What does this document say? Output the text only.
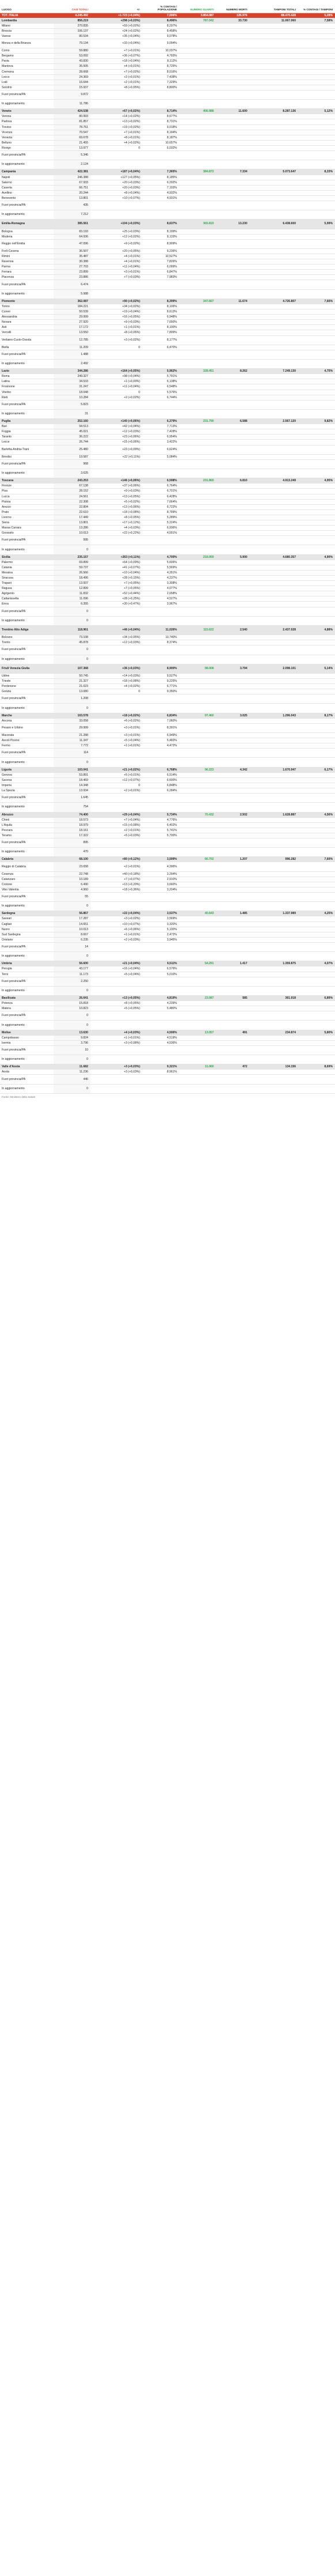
LUOGO	CASI TOTALI	+/-	% CONTAGI / POPOLAZIONE	NUMERO GUARITI	NUMERO MORTI	TAMPONI TOTALI	% CONTAGI / TAMPONI
TOT. ITALIA	4.245.492	+1.723 (+0,04%)	7,006%	3.854.087	126.976	88.470.428	5,28%
Lombardia	856.219	+298 (+0,03%)	8,496%	787.042	33.730	11.067.060	7,58%
Milano	270.835	+59 (+0,02%)	8,297%				
Brescia	106.137	+24 (+0,02%)	8,458%				
Varese	80.534	+35 (+0,04%)	9,078%				
Monza e della Brianza	79.134	+33 (+0,04%)	9,094%				
Como	59.880	+7 (+0,01%)	10,037%				
Bergamo	53.092	+36 (+0,07%)	4,793%				
Pavia	43.830	+18 (+0,04%)	8,112%				
Mantova	35.505	+4 (+0,01%)	8,725%				
Cremona	28.668	+7 (+0,02%)	8,016%				
Lecco	24.369	+2 (+0,01%)	7,438%				
Lodi	16.644	+2 (+0,01%)	7,329%				
Sondrio	15.937	+8 (+0,05%)	8,800%				
Fuori provincia/PA	9.872						
In aggiornamento	11.786						
Veneto	424.538	+67 (+0,02%)	8,714%	406.988	11.600	8.287.136	5,12%
Verona	80.993	+14 (+0,02%)	8,677%				
Padova	81.857	+13 (+0,02%)	8,731%				
Treviso	78.761	+19 (+0,02%)	9,018%				
Vicenza	70.547	+7 (+0,01%)	8,194%				
Venezia	69.678	+8 (+0,01%)	8,187%				
Belluno	21.455	+4 (+0,02%)	10,657%				
Rovigo	13.977	0	6,032%				
Fuori provincia/PA	5.346						
In aggiornamento	2.124						
Campania	422.381	+187 (+0,04%)	7,365%	384.873	7.334	5.073.647	8,33%
Napoli	246.388	+127 (+0,05%)	8,185%				
Salerno	67.933	+20 (+0,03%)	6,292%				
Caserta	66.751	+20 (+0,03%)	7,193%				
Avellino	20.244	+8 (+0,04%)	4,932%				
Benevento	13.801	+10 (+0,07%)	4,931%				
Fuori provincia/PA	435						
In aggiornamento	7.212						
Emilia-Romagna	385.561	+104 (+0,03%)	8,637%	365.819	13.230	6.438.600	5,99%
Bologna	83.193	+25 (+0,03%)	8,199%				
Modena	64.936	+12 (+0,02%)	9,133%				
Reggio nell'Emilia	47.096	+9 (+0,02%)	8,909%				
Forlì-Cesena	36.507	+20 (+0,05%)	9,236%				
Rimini	35.487	+4 (+0,01%)	10,527%				
Ravenna	30.388	+4 (+0,01%)	7,826%				
Parma	27.703	+11 (+0,04%)	6,099%				
Ferrara	23.899	+3 (+0,01%)	6,847%				
Piacenza	23.886	+7 (+0,03%)	7,983%				
Fuori provincia/PA	6.474						
In aggiornamento	5.988						
Piemonte	362.087	+90 (+0,02%)	8,399%	347.667	11.674	4.726.807	7,66%
Torino	184.221	+34 (+0,02%)	8,106%				
Cuneo	50.539	+19 (+0,04%)	8,613%				
Alessandria	29.999	+16 (+0,05%)	6,948%				
Novara	27.920	+9 (+0,03%)	7,650%				
Asti	17.172	+1 (+0,01%)	8,100%				
Vercelli	13.550	+8 (+0,06%)	7,899%				
Verbano-Cusio-Ossola	12.785	+3 (+0,02%)	8,177%				
Biella	11.209	0	6,470%				
Fuori provincia/PA	1.488						
In aggiornamento	2.492						
Lazio	344.286	+164 (+0,05%)	5,962%	328.451	8.262	7.249.130	4,75%
Roma	249.327	+98 (+0,04%)	5,791%				
Latina	34.533	+1 (+0,00%)	6,138%				
Frosinone	31.247	+11 (+0,04%)	6,548%				
Viterbo	18.048	0	5,576%				
Rieti	10.284	+2 (+0,02%)	6,744%				
Fuori provincia/PA	5.823						
In aggiornamento	31						
Puglia	252.160	+140 (+0,06%)	6,379%	231.790	6.588	2.567.120	9,82%
Bari	94.513	+42 (+0,04%)	7,713%				
Foggia	45.021	+12 (+0,03%)	7,428%				
Taranto	36.222	+23 (+0,06%)	6,954%				
Lecce	26.744	+15 (+0,06%)	3,422%				
Barletta-Andria-Trani	25.480	+23 (+0,09%)	6,624%				
Brindisi	19.587	+22 (+0,11%)	5,084%				
Fuori provincia/PA	968						
In aggiornamento	3.625						
Toscana	243.253	+146 (+0,06%)	6,598%	231.869	6.810	4.913.249	4,95%
Firenze	67.138	+37 (+0,06%)	6,764%				
Pisa	28.152	+9 (+0,03%)	6,701%				
Lucca	24.561	+13 (+0,05%)	6,428%				
Pistoia	22.308	+5 (+0,02%)	7,664%				
Arezzo	22.804	+13 (+0,06%)	6,722%				
Prato	22.610	+18 (+0,08%)	8,799%				
Livorno	17.449	+8 (+0,05%)	5,289%				
Siena	13.801	+17 (+0,12%)	5,224%				
Massa Carrara	13.286	+4 (+0,03%)	6,936%				
Grosseto	10.013	+22 (+0,22%)	4,551%				
Fuori provincia/PA	995						
In aggiornamento	0						
Sicilia	235.157	+263 (+0,11%)	4,700%	218.059	5.900	4.680.357	4,90%
Palermo	69.899	+64 (+0,09%)	5,606%				
Catania	59.737	+41 (+0,07%)	5,569%				
Messina	26.566	+10 (+0,04%)	4,351%				
Siracusa	18.496	+28 (+0,15%)	4,237%				
Trapani	13.937	+7 (+0,05%)	3,308%				
Ragusa	12.899	+7 (+0,05%)	4,077%				
Agrigento	11.832	+52 (+0,44%)	2,658%				
Caltanissetta	11.096	+28 (+0,25%)	4,527%				
Enna	6.355	+30 (+0,47%)	3,967%				
Fuori provincia/PA	0						
In aggiornamento	0						
Trentino Alto Adige	118.961	+46 (+0,04%)	11,026%	115.622	2.540	2.437.028	4,88%
Bolzano	73.108	+34 (+0,05%)	13,740%				
Trento	45.878	+12 (+0,03%)	8,374%				
Fuori provincia/PA	0						
In aggiornamento	0						
Friuli Venezia Giulia	107.368	+36 (+0,03%)	8,900%	98.008	3.794	2.098.101	5,14%
Udine	50.745	+14 (+0,03%)	9,527%				
Trieste	21.327	+18 (+0,08%)	9,225%				
Pordenone	21.023	+4 (+0,02%)	6,771%				
Gorizia	13.080	0	9,350%				
Fuori provincia/PA	1.208						
In aggiornamento	0						
Marche	103.578	+18 (+0,02%)	6,834%	97.460	3.025	1.296.043	8,17%
Ancona	33.058	+6 (+0,02%)	7,060%				
Pesaro e Urbino	29.999	+3 (+0,01%)	8,391%				
Macerata	21.288	+3 (+0,01%)	6,949%				
Ascoli Piceno	11.347	+5 (+0,04%)	5,483%				
Fermo	7.772	+1 (+0,01%)	4,472%				
Fuori provincia/PA	114						
In aggiornamento	0						
Liguria	103.041	+21 (+0,02%)	6,768%	96.223	4.342	1.670.947	6,17%
Genova	53.891	+5 (+0,01%)	6,514%				
Savona	18.469	+12 (+0,07%)	6,600%				
Imperia	14.348	0	6,848%				
La Spezia	13.934	+2 (+0,01%)	6,284%				
Fuori provincia/PA	1.645						
In aggiornamento	754						
Abruzzo	74.400	+29 (+0,04%)	5,734%	70.432	2.502	1.628.887	4,56%
Chieti	18.573	+7 (+0,04%)	4,776%				
L'Aquila	18.979	+15 (+0,08%)	6,402%				
Pescara	18.161	+2 (+0,01%)	5,741%				
Teramo	17.322	+5 (+0,03%)	5,700%				
Fuori provincia/PA	895						
In aggiornamento	470						
Calabria	68.100	+80 (+0,12%)	3,599%	66.702	1.207	996.282	7,60%
Reggio di Calabria	23.658	+2 (+0,01%)	4,396%				
Cosenza	22.748	+40 (+0,18%)	3,294%				
Catanzaro	10.189	+7 (+0,07%)	2,910%				
Crotone	6.490	+13 (+0,20%)	3,660%				
Vibo Valentia	4.960	+18 (+0,36%)	3,204%				
Fuori provincia/PA	55						
In aggiornamento	0						
Sardegna	56.867	+22 (+0,04%)	3,537%	40.643	1.485	1.337.989	4,25%
Sassari	17.287	+3 (+0,02%)	3,569%				
Cagliari	14.651	+10 (+0,07%)	3,320%				
Nuoro	10.013	+6 (+0,06%)	5,130%				
Sud Sardegna	8.667	+1 (+0,01%)	2,472%				
Oristano	6.235	+2 (+0,03%)	3,945%				
Fuori provincia/PA	14						
In aggiornamento	0						
Umbria	56.600	+21 (+0,04%)	6,511%	54.291	1.417	1.359.875	4,07%
Perugia	43.177	+16 (+0,04%)	6,576%				
Terni	11.173	+5 (+0,04%)	5,010%				
Fuori provincia/PA	2.250						
In aggiornamento	0						
Basilicata	26.641	+13 (+0,05%)	4,819%	23.087	585	361.918	6,89%
Potenza	15.818	+8 (+0,05%)	4,239%				
Matera	10.823	+5 (+0,05%)	5,480%				
Fuori provincia/PA	0						
In aggiornamento	0						
Molise	13.630	+4 (+0,03%)	4,506%	13.057	491	234.874	5,80%
Campobasso	9.824	+1 (+0,01%)	4,519%				
Isernia	3.796	+3 (+0,08%)	4,536%				
Fuori provincia/PA	10						
In aggiornamento	0						
Valle d'Aosta	11.682	+3 (+0,03%)	9,321%	11.060	472	134.156	8,69%
Aosta	11.236	+3 (+0,03%)	8,961%				
Fuori provincia/PA	446						
In aggiornamento	0						
Fonte: Ministero della Salute
